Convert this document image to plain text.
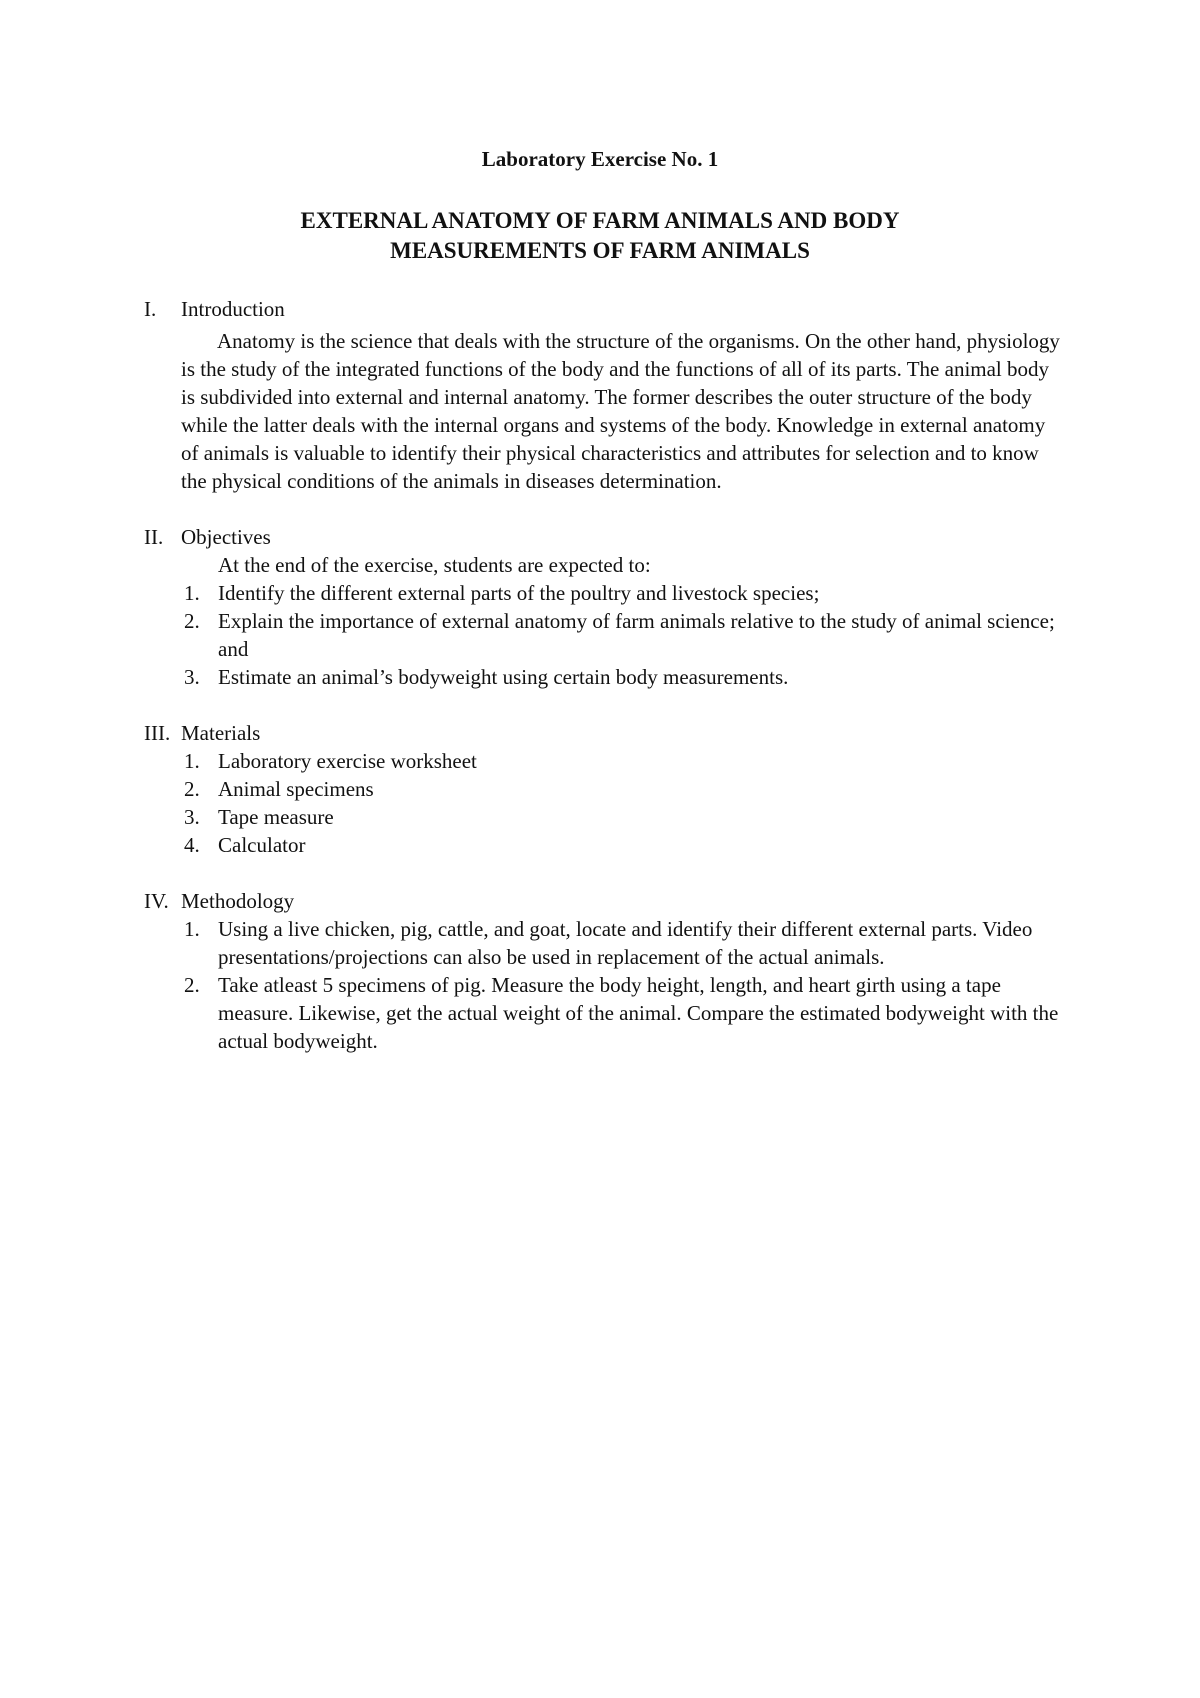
Laboratory Exercise No. 1
EXTERNAL ANATOMY OF FARM ANIMALS AND BODY
MEASUREMENTS OF FARM ANIMALS
I.	Introduction
Anatomy is the science that deals with the structure of the organisms. On the other hand, physiology is the study of the integrated functions of the body and the functions of all of its parts. The animal body is subdivided into external and internal anatomy. The former describes the outer structure of the body while the latter deals with the internal organs and systems of the body. Knowledge in external anatomy of animals is valuable to identify their physical characteristics and attributes for selection and to know the physical conditions of the animals in diseases determination.
II. Objectives
At the end of the exercise, students are expected to:
1. Identify the different external parts of the poultry and livestock species;
2. Explain the importance of external anatomy of farm animals relative to the study of animal science; and
3. Estimate an animal’s bodyweight using certain body measurements.
III. Materials
1. Laboratory exercise worksheet
2. Animal specimens
3. Tape measure
4. Calculator
IV. Methodology
1. Using a live chicken, pig, cattle, and goat, locate and identify their different external parts. Video presentations/projections can also be used in replacement of the actual animals.
2. Take atleast 5 specimens of pig. Measure the body height, length, and heart girth using a tape measure. Likewise, get the actual weight of the animal. Compare the estimated bodyweight with the actual bodyweight.
